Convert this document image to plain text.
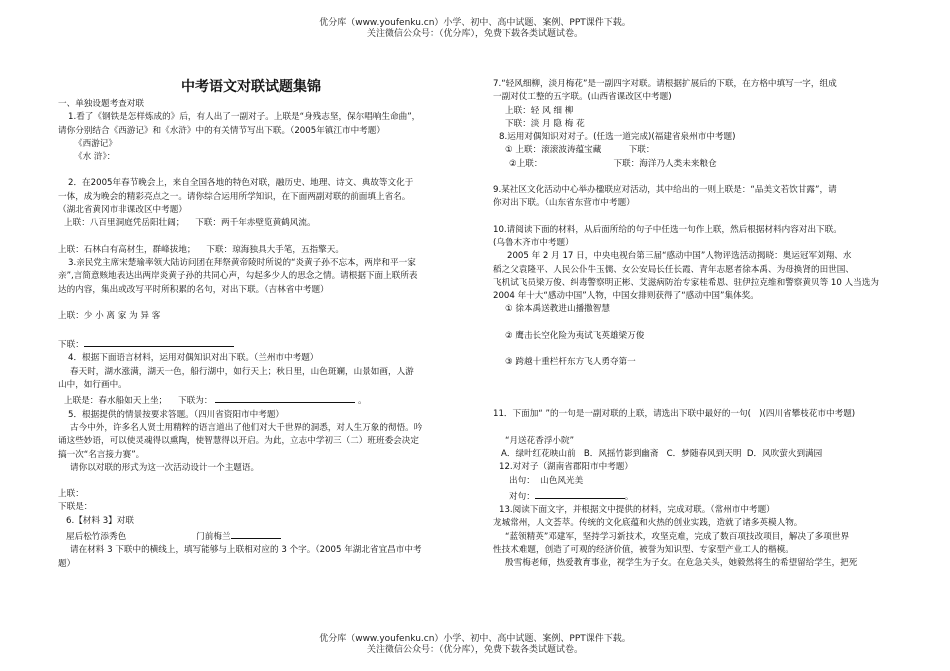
优分库（www.youfenku.cn）小学、初中、高中试题、案例、PPT课件下载。
关注微信公众号：（优分库），免费下载各类试题试卷。
中考语文对联试题集锦

一、单独设题考查对联

1.看了《钢铁是怎样炼成的》后，有人出了一副对子。上联是“身残志坚，保尔唱响生命曲”，

请你分别结合《西游记》和《水浒》中的有关情节写出下联。（2005年镇江市中考题）

《西游记》

《水 浒》：

2．在2005年春节晚会上，来自全国各地的特色对联，融历史、地理、诗文、典故等文化于

一体，成为晚会的精彩亮点之一。请你综合运用所学知识，在下面两副对联的前面填上省名。

（湖北省黄冈市非课改区中考题）

上联：八百里洞庭凭岳阳壮阔；    下联：两千年赤壁览黄鹤风流。

上联：石林白有高材生，群峰拔地；    下联：琼海独具大手笔，五指擎天。

3.亲民党主席宋楚瑜率领大陆访问团在拜祭黄帝陵时所说的“炎黄子孙不忘本，两岸和平一家

亲”,言简意赅地表达出两岸炎黄子孙的共同心声，勾起多少人的思念之情。请根据下面上联所表

达的内容，集出或改写平时所积累的名句，对出下联。（吉林省中考题）

上联：少 小 离 家 为 异 客

下联：

4．根据下面语言材料，运用对偶知识对出下联。（兰州市中考题）

春天时，湖水涨满，湖天一色，船行湖中，如行天上；秋日里，山色斑斓，山景如画，人游

山中，如行画中。

上联是：春水船如天上坐； 下联为：	。

5．根据提供的情景按要求答题。（四川省资阳市中考题）

古今中外，许多名人贤士用精粹的语言道出了他们对大千世界的洞悉，对人生万象的彻悟。吟

诵这些妙语，可以使灵魂得以熏陶，使智慧得以开启。为此，立志中学初三（二）班班委会决定

搞一次“名言接力赛”。

请你以对联的形式为这一次活动设计一个主题语。

上联：

下联是：

6.【材料 3】对联

屋后松竹添秀色	门前梅兰

请在材料 3 下联中的横线上，填写能够与上联相对应的 3 个字。（2005 年湖北省宜昌市中考

题）

7.“轻风细柳，淡月梅花”是一副四字对联。请根据扩展后的下联，在方格中填写一字，组成

一副对仗工整的五字联。(山西省课改区中考题)

上联：轻 风 细 柳

下联：淡 月 隐 梅 花

8.运用对偶知识对对子。(任选一道完成)(福建省泉州市中考题)

① 上联：滚滚波涛蕴宝藏          下联：

②上联：                          下联：海洋乃人类未来粮仓

9.某社区文化活动中心举办楹联应对活动，其中给出的一则上联是：“品美文若饮甘露”，请

你对出下联。（山东省东营市中考题）

10.请阅读下面的材料，从后面所给的句子中任选一句作上联，然后根据材料内容对出下联。

(乌鲁木齐市中考题）

2005 年 2 月 17 日，中央电视台第三届“感动中国”人物评选活动揭晓：奥运冠军刘翔、水

稻之父袁隆平、人民公仆牛玉儒、女公安局长任长霞、青年志愿者徐本禹、为母换肾的田世国、

飞机试飞员梁万俊、纠毒警察明正彬、艾滋病防治专家桂希恩、驻伊拉克维和警察黄贝等 10 人当选为

2004 年十大“感动中国”人物，中国女排则获得了“感动中国”集体奖。

① 徐本禹送教进山播撒智慧

② 鹰击长空化险为夷试飞英雄梁万俊

③ 跨越十重栏杆东方飞人勇夺第一

11．下面加“ ”的一句是一副对联的上联，请选出下联中最好的一句(   )(四川省攀枝花市中考题)

“月送花香浮小院”

A．绿叶红花映山前   B．风摇竹影到幽斋   C．梦随春风到天明  D．风吹萤火到满园

12.对对子（湖南省郡阳市中考题）

出句：  山色风光美

对句：	。

13.阅读下面文字，并根据文中提供的材料，完成对联。（常州市中考题）

龙城常州，人文荟萃。传统的文化底蕴和火热的创业实践，造就了诸多英模人物。

“蓝领精英”邓建军，坚持学习新技术，攻坚克难，完成了数百项技改项目，解决了多项世界

性技术难题，创造了可观的经济价值，被誉为知识型、专家型产业工人的楷模。

殷雪梅老师，热爱教育事业，视学生为子女。在危急关头，她毅然将生的希望留给学生，把死

优分库（www.youfenku.cn）小学、初中、高中试题、案例、PPT课件下载。
关注微信公众号：（优分库），免费下载各类试题试卷。
